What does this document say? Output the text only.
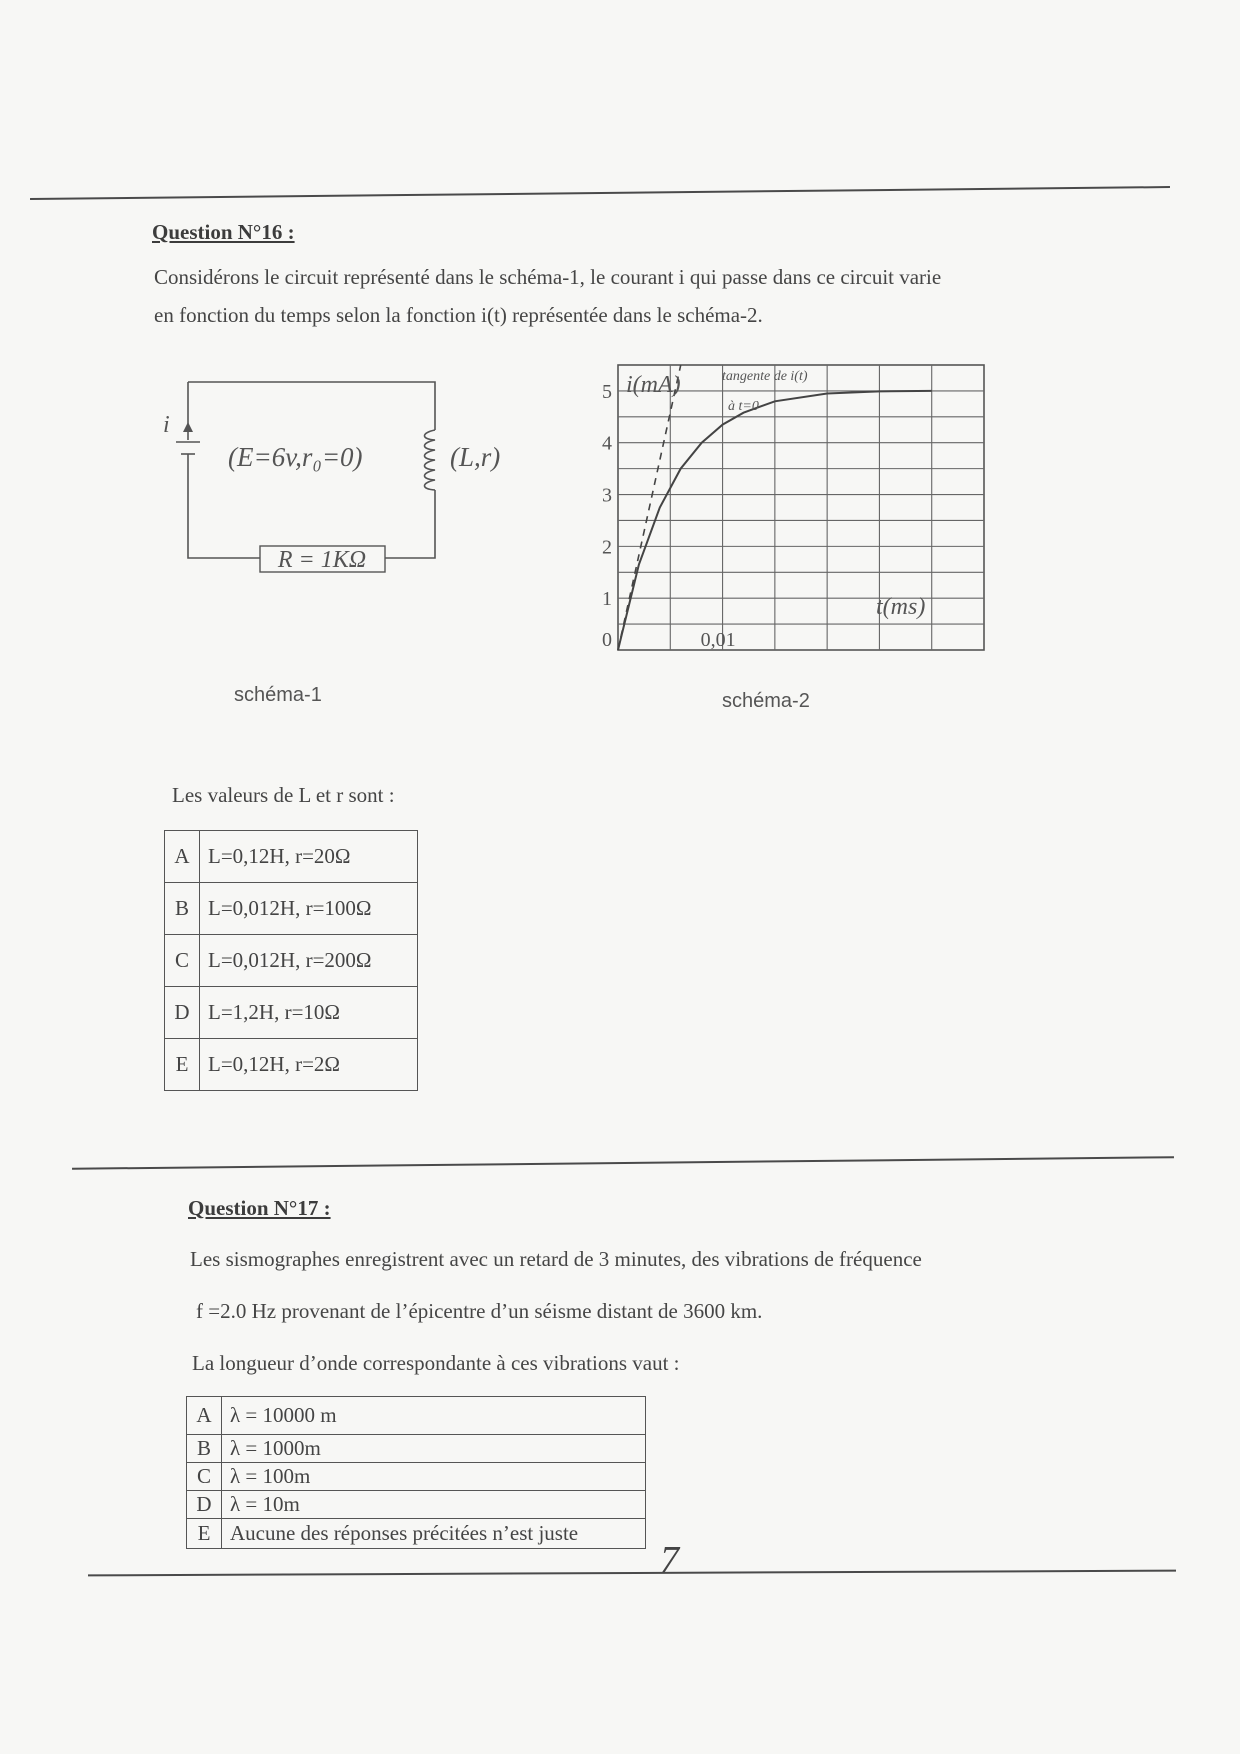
Question N°16 :
Considérons le circuit représenté dans le schéma-1, le courant i qui passe dans ce circuit varie
en fonction du temps selon la fonction i(t) représentée dans le schéma-2.
i
(E=6v,r₀=0)	(L,r)
R = 1KΩ
schéma-1
1
2
3
4
5
0	0,01
i(mA)
t(ms)
tangente de i(t)
à t=0
schéma-2
Les valeurs de L et r sont :
A	L=0,12H, r=20Ω
B	L=0,012H, r=100Ω
C	L=0,012H, r=200Ω
D	L=1,2H, r=10Ω
E	L=0,12H, r=2Ω
Question N°17 :
Les sismographes enregistrent avec un retard de 3 minutes, des vibrations de fréquence
f =2.0 Hz provenant de l’épicentre d’un séisme distant de 3600 km.
La longueur d’onde correspondante à ces vibrations vaut :
A	λ = 10000 m
B	λ = 1000m
C	λ = 100m
D	λ = 10m
E	Aucune des réponses précitées n’est juste
7
